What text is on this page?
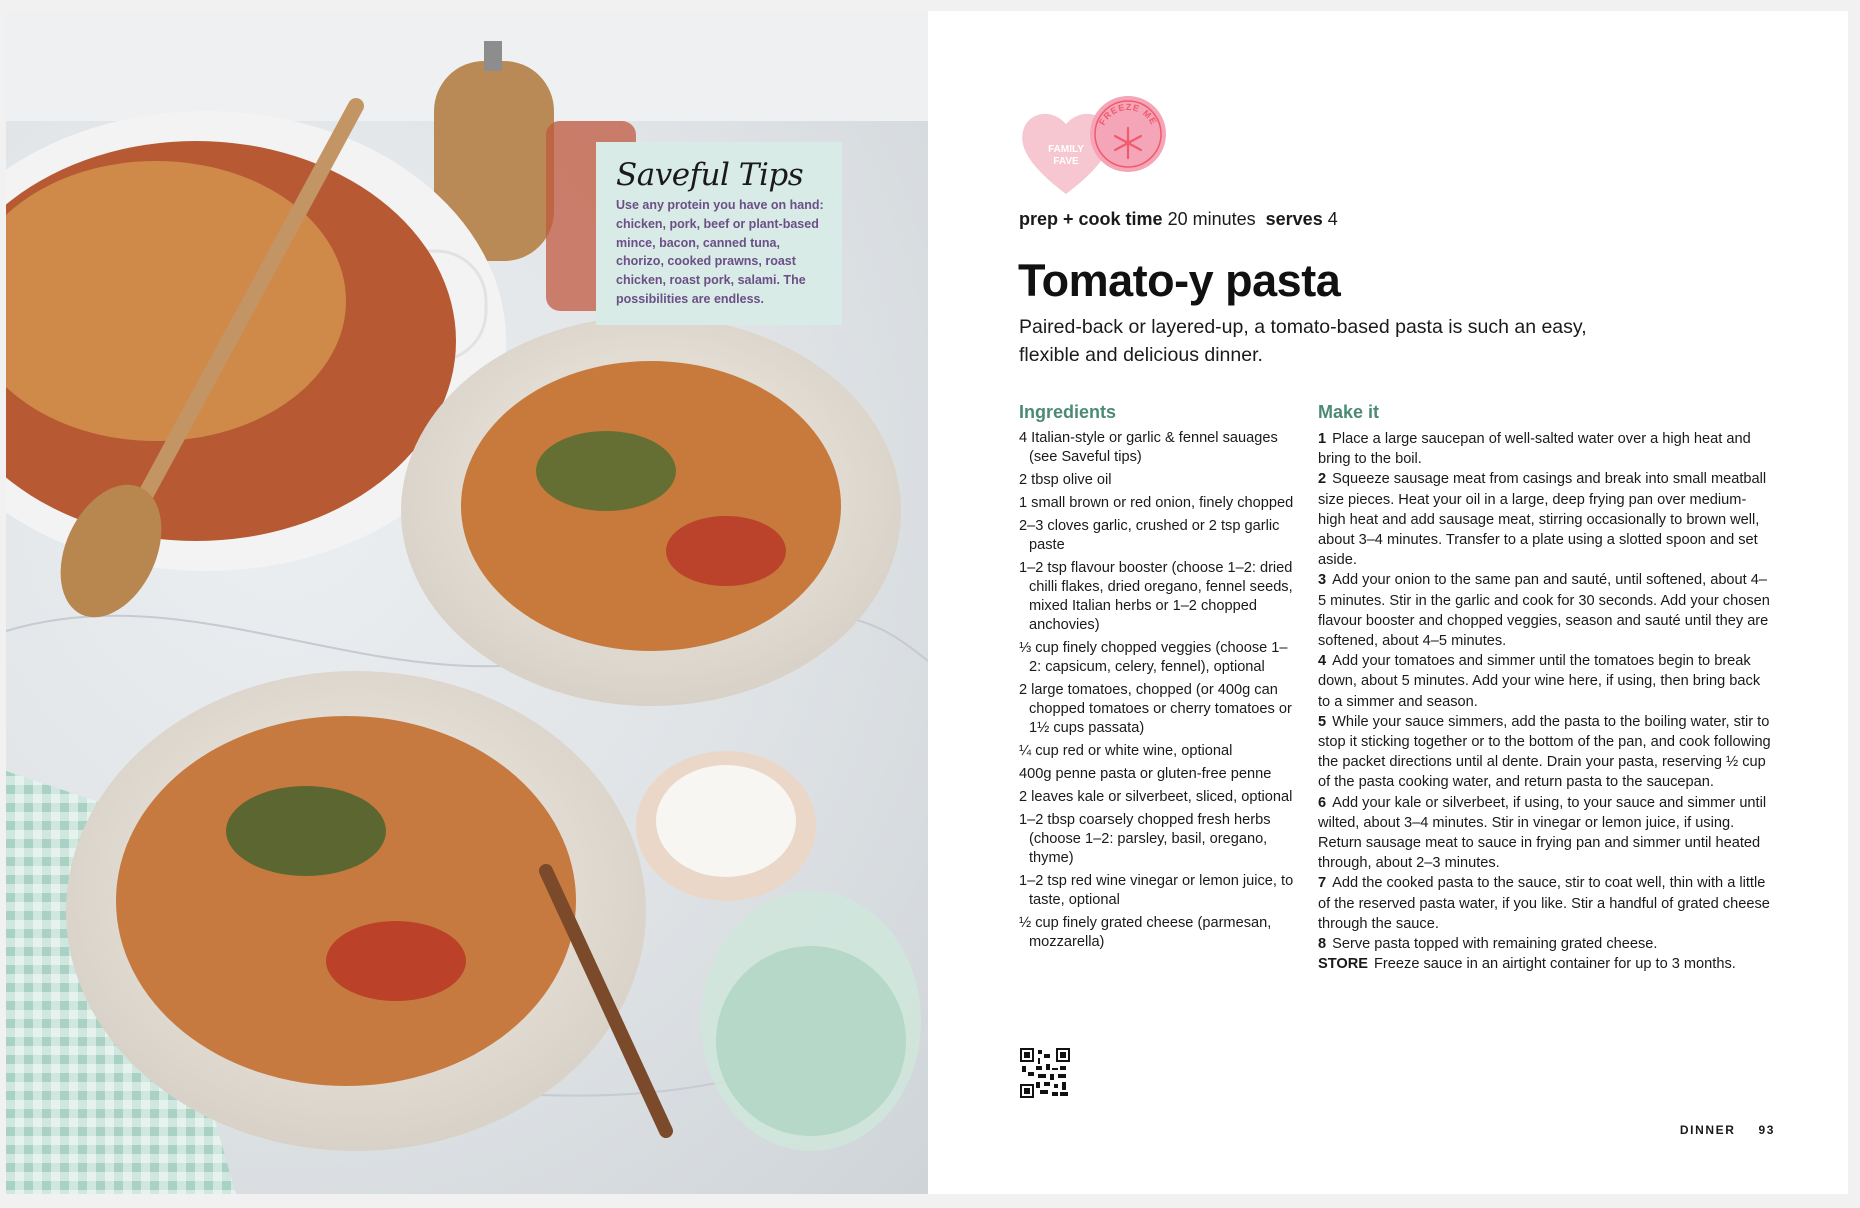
Saveful Tips
Use any protein you have on hand: chicken, pork, beef or plant-based mince, bacon, canned tuna, chorizo, cooked prawns, roast chicken, roast pork, salami. The possibilities are endless.
FAMILY
FAVE
FREEZE ME
prep + cook time 20 minutes serves 4
Tomato-y pasta

Paired-back or layered-up, a tomato-based pasta is such an easy, flexible and delicious dinner.

Ingredients
4 Italian-style or garlic & fennel sauages (see Saveful tips)
2 tbsp olive oil
1 small brown or red onion, finely chopped
2–3 cloves garlic, crushed or 2 tsp garlic paste
1–2 tsp flavour booster (choose 1–2: dried chilli flakes, dried oregano, fennel seeds, mixed Italian herbs or 1–2 chopped anchovies)
⅓ cup finely chopped veggies (choose 1–2: capsicum, celery, fennel), optional
2 large tomatoes, chopped (or 400g can chopped tomatoes or cherry tomatoes or 1½ cups passata)
¼ cup red or white wine, optional
400g penne pasta or gluten-free penne
2 leaves kale or silverbeet, sliced, optional
1–2 tbsp coarsely chopped fresh herbs (choose 1–2: parsley, basil, oregano, thyme)
1–2 tsp red wine vinegar or lemon juice, to taste, optional
½ cup finely grated cheese (parmesan, mozzarella)
Make it

1 Place a large saucepan of well-salted water over a high heat and bring to the boil.

2 Squeeze sausage meat from casings and break into small meatball size pieces. Heat your oil in a large, deep frying pan over medium-high heat and add sausage meat, stirring occasionally to brown well, about 3–4 minutes. Transfer to a plate using a slotted spoon and set aside.

3 Add your onion to the same pan and sauté, until softened, about 4–5 minutes. Stir in the garlic and cook for 30 seconds. Add your chosen flavour booster and chopped veggies, season and sauté until they are softened, about 4–5 minutes.

4 Add your tomatoes and simmer until the tomatoes begin to break down, about 5 minutes. Add your wine here, if using, then bring back to a simmer and season.

5 While your sauce simmers, add the pasta to the boiling water, stir to stop it sticking together or to the bottom of the pan, and cook following the packet directions until al dente. Drain your pasta, reserving ½ cup of the pasta cooking water, and return pasta to the saucepan.

6 Add your kale or silverbeet, if using, to your sauce and simmer until wilted, about 3–4 minutes. Stir in vinegar or lemon juice, if using. Return sausage meat to sauce in frying pan and simmer until heated through, about 2–3 minutes.

7 Add the cooked pasta to the sauce, stir to coat well, thin with a little of the reserved pasta water, if you like. Stir a handful of grated cheese through the sauce.

8 Serve pasta topped with remaining grated cheese.

STORE Freeze sauce in an airtight container for up to 3 months.

DINNER 93
